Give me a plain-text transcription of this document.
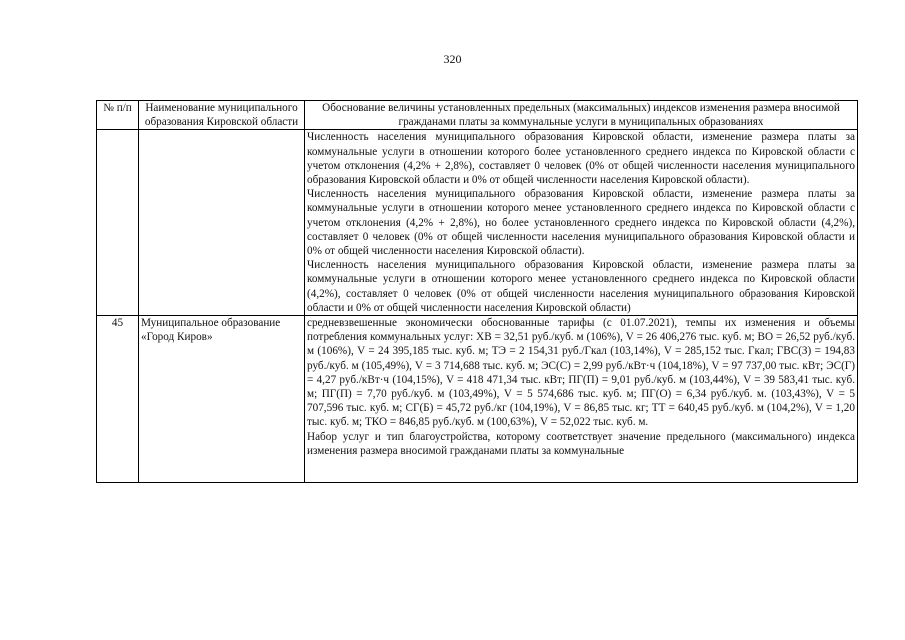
320
№ п/п	Наименование муниципального образования Кировской области	Обоснование величины установленных предельных (максимальных) индексов изменения размера вносимой гражданами платы за коммунальные услуги в муниципальных образованиях

		Численность населения муниципального образования Кировской области, изменение размера платы за коммунальные услуги в отношении которого более установленного среднего индекса по Кировской области с учетом отклонения (4,2% + 2,8%), составляет 0 человек (0% от общей численности населения муниципального образования Кировской области и 0% от общей численности населения Кировской области).

Численность населения муниципального образования Кировской области, изменение размера платы за коммунальные услуги в отношении которого менее установленного среднего индекса по Кировской области с учетом отклонения (4,2% + 2,8%), но более установленного среднего индекса по Кировской области (4,2%), составляет 0 человек (0% от общей численности населения муниципального образования Кировской области и 0% от общей численности населения Кировской области).

Численность населения муниципального образования Кировской области, изменение размера платы за коммунальные услуги в отношении которого менее установленного среднего индекса по Кировской области (4,2%), составляет 0 человек (0% от общей численности населения муниципального образования Кировской области и 0% от общей численности населения Кировской области)

45	Муниципальное образование «Город Киров»	средневзвешенные экономически обоснованные тарифы (с 01.07.2021), темпы их изменения и объемы потребления коммунальных услуг: ХВ = 32,51 руб./куб. м (106%), V = 26 406,276 тыс. куб. м; ВО = 26,52 руб./куб. м (106%), V = 24 395,185 тыс. куб. м; ТЭ = 2 154,31 руб./Гкал (103,14%), V = 285,152 тыс. Гкал; ГВС(З) = 194,83 руб./куб. м (105,49%), V = 3 714,688 тыс. куб. м; ЭС(С) = 2,99 руб./кВт·ч (104,18%), V = 97 737,00 тыс. кВт; ЭС(Г) = 4,27 руб./кВт·ч (104,15%), V = 418 471,34 тыс. кВт; ПГ(П) = 9,01 руб./куб. м (103,44%), V = 39 583,41 тыс. куб. м; ПГ(П) = 7,70 руб./куб. м (103,49%), V = 5 574,686 тыс. куб. м; ПГ(О) = 6,34 руб./куб. м. (103,43%), V = 5 707,596 тыс. куб. м; СГ(Б) = 45,72 руб./кг (104,19%), V = 86,85 тыс. кг; ТТ = 640,45 руб./куб. м (104,2%), V = 1,20 тыс. куб. м; ТКО = 846,85 руб./куб. м (100,63%), V = 52,022 тыс. куб. м.

Набор услуг и тип благоустройства, которому соответствует значение предельного (максимального) индекса изменения размера вносимой гражданами платы за коммунальные
